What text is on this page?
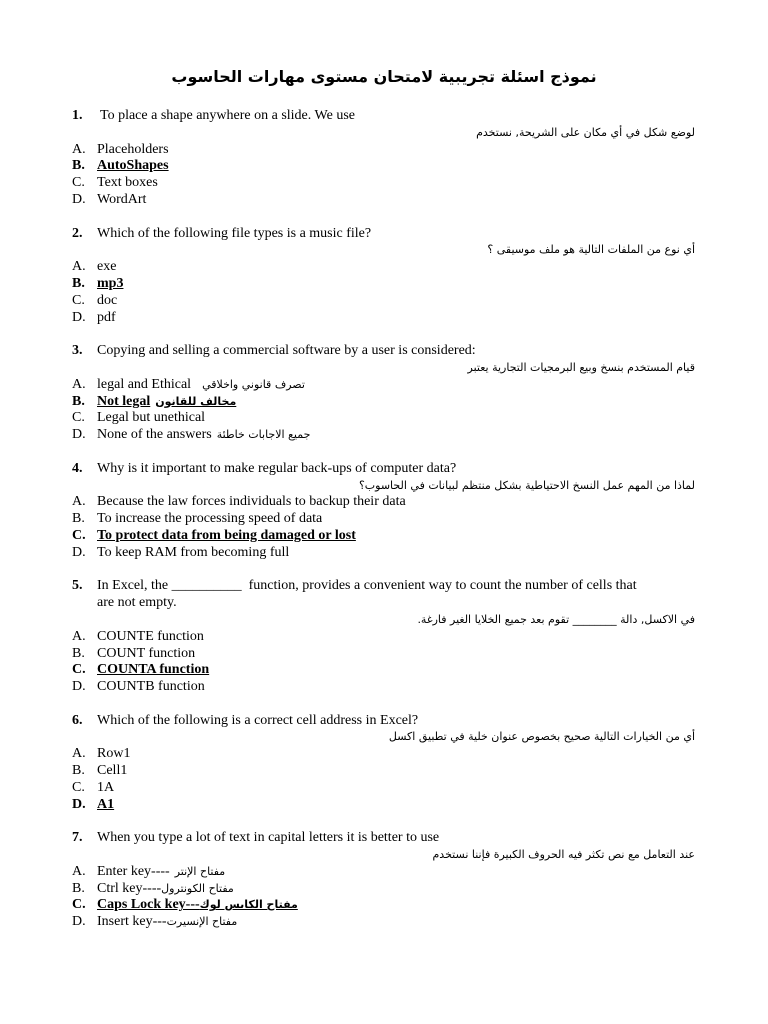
نموذج اسئلة تجريبية لامتحان مستوى مهارات الحاسوب
1.	To place a shape anywhere on a slide. We use
لوضع شكل في أي مكان على الشريحة, نستخدم
A. Placeholders
B. AutoShapes
C. Text boxes
D. WordArt
2.	Which of the following file types is a music file?
أي نوع من الملفات التالية هو ملف موسيقى ؟
A. exe
B. mp3
C. doc
D. pdf
3.	Copying and selling a commercial software by a user is considered:
قيام المستخدم بنسخ وبيع البرمجيات التجارية يعتبر
A. legal and Ethical تصرف قانوني واخلاقي
B. Not legal مخالف للقانون
C. Legal but unethical
D. None of the answers جميع الاجابات خاطئة
4.	Why is it important to make regular back-ups of computer data?
لماذا من المهم عمل النسخ الاحتياطية بشكل منتظم لبيانات في الحاسوب؟
A. Because the law forces individuals to backup their data
B. To increase the processing speed of data
C. To protect data from being damaged or lost
D. To keep RAM from becoming full
5.	In Excel, the __________  function, provides a convenient way to count the number of cells that
are not empty.
في الاكسل, دالة ________ تقوم بعد جميع الخلايا الغير فارغة.
A. COUNTE function
B. COUNT function
C. COUNTA function
D. COUNTB function
6.	Which of the following is a correct cell address in Excel?
أي من الخيارات التالية صحيح بخصوص عنوان خلية في تطبيق اكسل
A. Row1
B. Cell1
C. 1A
D. A1
7.	When you type a lot of text in capital letters it is better to use
عند التعامل مع نص تكثر فيه الحروف الكبيرة فإننا نستخدم
A. Enter key---- مفتاح الإنتر
B. Ctrl key----مفتاح الكونترول
C. Caps Lock key---مفتاح الكابس لوك
D. Insert key---مفتاح الإنسيرت
